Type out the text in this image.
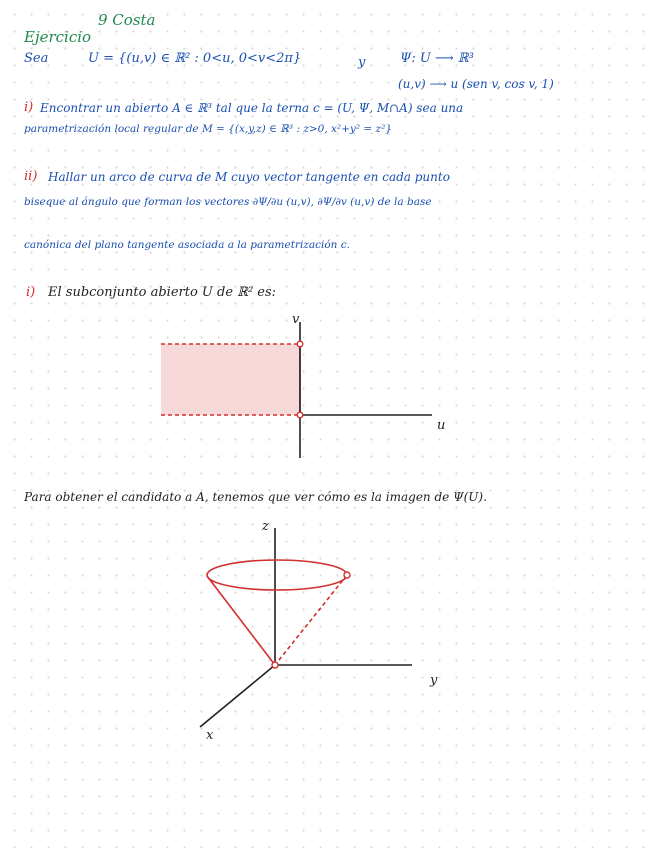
Ejercicio
9 Costa
Sea	U = {(u,v) ∈ ℝ² : 0<u, 0<v<2π}	y	Ψ: U ⟶ ℝ³
(u,v) ⟶ u (sen v, cos v, 1)
i) Encontrar un abierto A ∈ ℝ³ tal que la terna c = (U, Ψ, M∩A) sea una
parametrización local regular de M = {(x,y,z) ∈ ℝ³ : z>0, x²+y² = z²}
ii) Hallar un arco de curva de M cuyo vector tangente en cada punto
biseque al ángulo que forman los vectores ∂Ψ/∂u (u,v), ∂Ψ/∂v (u,v) de la base
canónica del plano tangente asociada a la parametrización c.
i) El subconjunto abierto U de ℝ² es:
Para obtener el candidato a A, tenemos que ver cómo es la imagen de Ψ(U).
v
u
z
y
x
